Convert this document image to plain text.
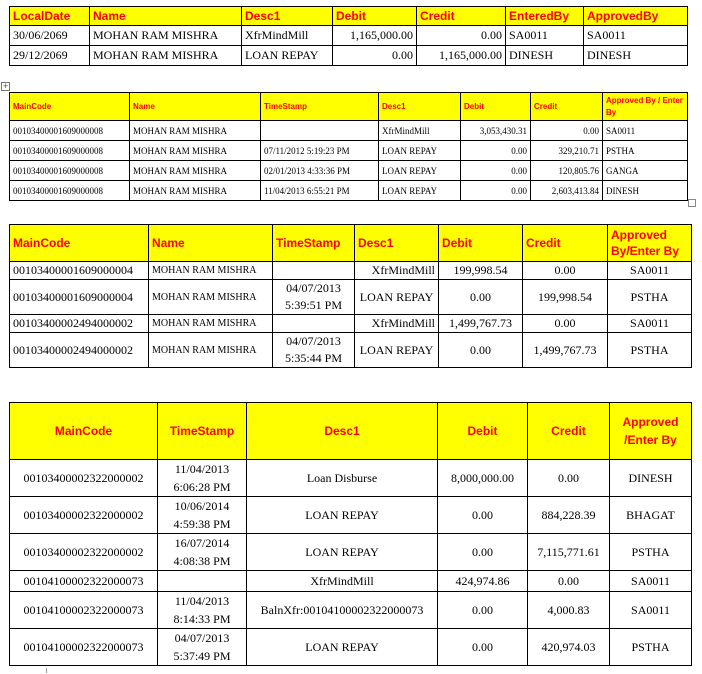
LocalDate	Name	Desc1	Debit	Credit	EnteredBy	ApprovedBy
30/06/2069	MOHAN RAM MISHRA	XfrMindMill	1,165,000.00	0.00	SA0011	SA0011
29/12/2069	MOHAN RAM MISHRA	LOAN REPAY	0.00	1,165,000.00	DINESH	DINESH
+
MainCode	Name	TimeStamp	Desc1	Debit	Credit	Approved By / Enter By
00103400001609000008	MOHAN RAM MISHRA		XfrMindMill	3,053,430.31	0.00	SA0011
00103400001609000008	MOHAN RAM MISHRA	07/11/2012 5:19:23 PM	LOAN REPAY	0.00	329,210.71	PSTHA
00103400001609000008	MOHAN RAM MISHRA	02/01/2013 4:33:36 PM	LOAN REPAY	0.00	120,805.76	GANGA
00103400001609000008	MOHAN RAM MISHRA	11/04/2013 6:55:21 PM	LOAN REPAY	0.00	2,603,413.84	DINESH
MainCode	Name	TimeStamp	Desc1	Debit	Credit	Approved By/Enter By
00103400001609000004	MOHAN RAM MISHRA		XfrMindMill	199,998.54	0.00	SA0011
00103400001609000004	MOHAN RAM MISHRA	04/07/2013 5:39:51 PM	LOAN REPAY	0.00	199,998.54	PSTHA
00103400002494000002	MOHAN RAM MISHRA		XfrMindMill	1,499,767.73	0.00	SA0011
00103400002494000002	MOHAN RAM MISHRA	04/07/2013 5:35:44 PM	LOAN REPAY	0.00	1,499,767.73	PSTHA
MainCode	TimeStamp	Desc1	Debit	Credit	Approved /Enter By
00103400002322000002	11/04/2013 6:06:28 PM	Loan Disburse	8,000,000.00	0.00	DINESH
00103400002322000002	10/06/2014 4:59:38 PM	LOAN REPAY	0.00	884,228.39	BHAGAT
00103400002322000002	16/07/2014 4:08:38 PM	LOAN REPAY	0.00	7,115,771.61	PSTHA
00104100002322000073		XfrMindMill	424,974.86	0.00	SA0011
00104100002322000073	11/04/2013 8:14:33 PM	BalnXfr:00104100002322000073	0.00	4,000.83	SA0011
00104100002322000073	04/07/2013 5:37:49 PM	LOAN REPAY	0.00	420,974.03	PSTHA
